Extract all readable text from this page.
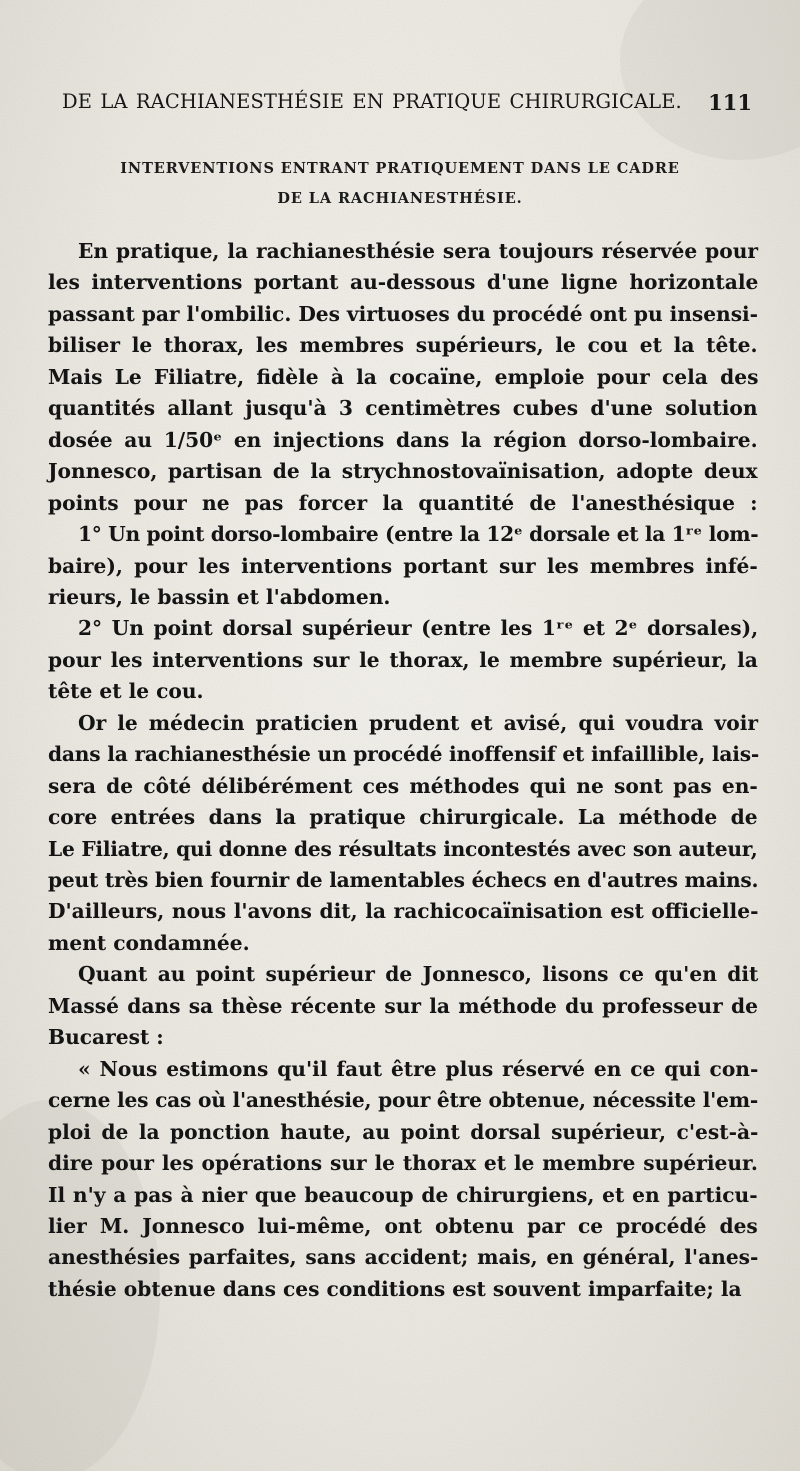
DE LA RACHIANESTHÉSIE EN PRATIQUE CHIRURGICALE. 111
INTERVENTIONS ENTRANT PRATIQUEMENT DANS LE CADRE
DE LA RACHIANESTHÉSIE.
En pratique, la rachianesthésie sera toujours réservée pour
les interventions portant au-dessous d'une ligne horizontale
passant par l'ombilic. Des virtuoses du procédé ont pu insensi-
biliser le thorax, les membres supérieurs, le cou et la tête.
Mais Le Filiatre, fidèle à la cocaïne, emploie pour cela des
quantités allant jusqu'à 3 centimètres cubes d'une solution
dosée au 1/50ᵉ en injections dans la région dorso-lombaire.
Jonnesco, partisan de la strychnostovaïnisation, adopte deux
points pour ne pas forcer la quantité de l'anesthésique :
1° Un point dorso-lombaire (entre la 12ᵉ dorsale et la 1ʳᵉ lom-
baire), pour les interventions portant sur les membres infé-
rieurs, le bassin et l'abdomen.
2° Un point dorsal supérieur (entre les 1ʳᵉ et 2ᵉ dorsales),
pour les interventions sur le thorax, le membre supérieur, la
tête et le cou.
Or le médecin praticien prudent et avisé, qui voudra voir
dans la rachianesthésie un procédé inoffensif et infaillible, lais-
sera de côté délibérément ces méthodes qui ne sont pas en-
core entrées dans la pratique chirurgicale. La méthode de
Le Filiatre, qui donne des résultats incontestés avec son auteur,
peut très bien fournir de lamentables échecs en d'autres mains.
D'ailleurs, nous l'avons dit, la rachicocaïnisation est officielle-
ment condamnée.
Quant au point supérieur de Jonnesco, lisons ce qu'en dit
Massé dans sa thèse récente sur la méthode du professeur de
Bucarest :
« Nous estimons qu'il faut être plus réservé en ce qui con-
cerne les cas où l'anesthésie, pour être obtenue, nécessite l'em-
ploi de la ponction haute, au point dorsal supérieur, c'est-à-
dire pour les opérations sur le thorax et le membre supérieur.
Il n'y a pas à nier que beaucoup de chirurgiens, et en particu-
lier M. Jonnesco lui-même, ont obtenu par ce procédé des
anesthésies parfaites, sans accident; mais, en général, l'anes-
thésie obtenue dans ces conditions est souvent imparfaite; la
